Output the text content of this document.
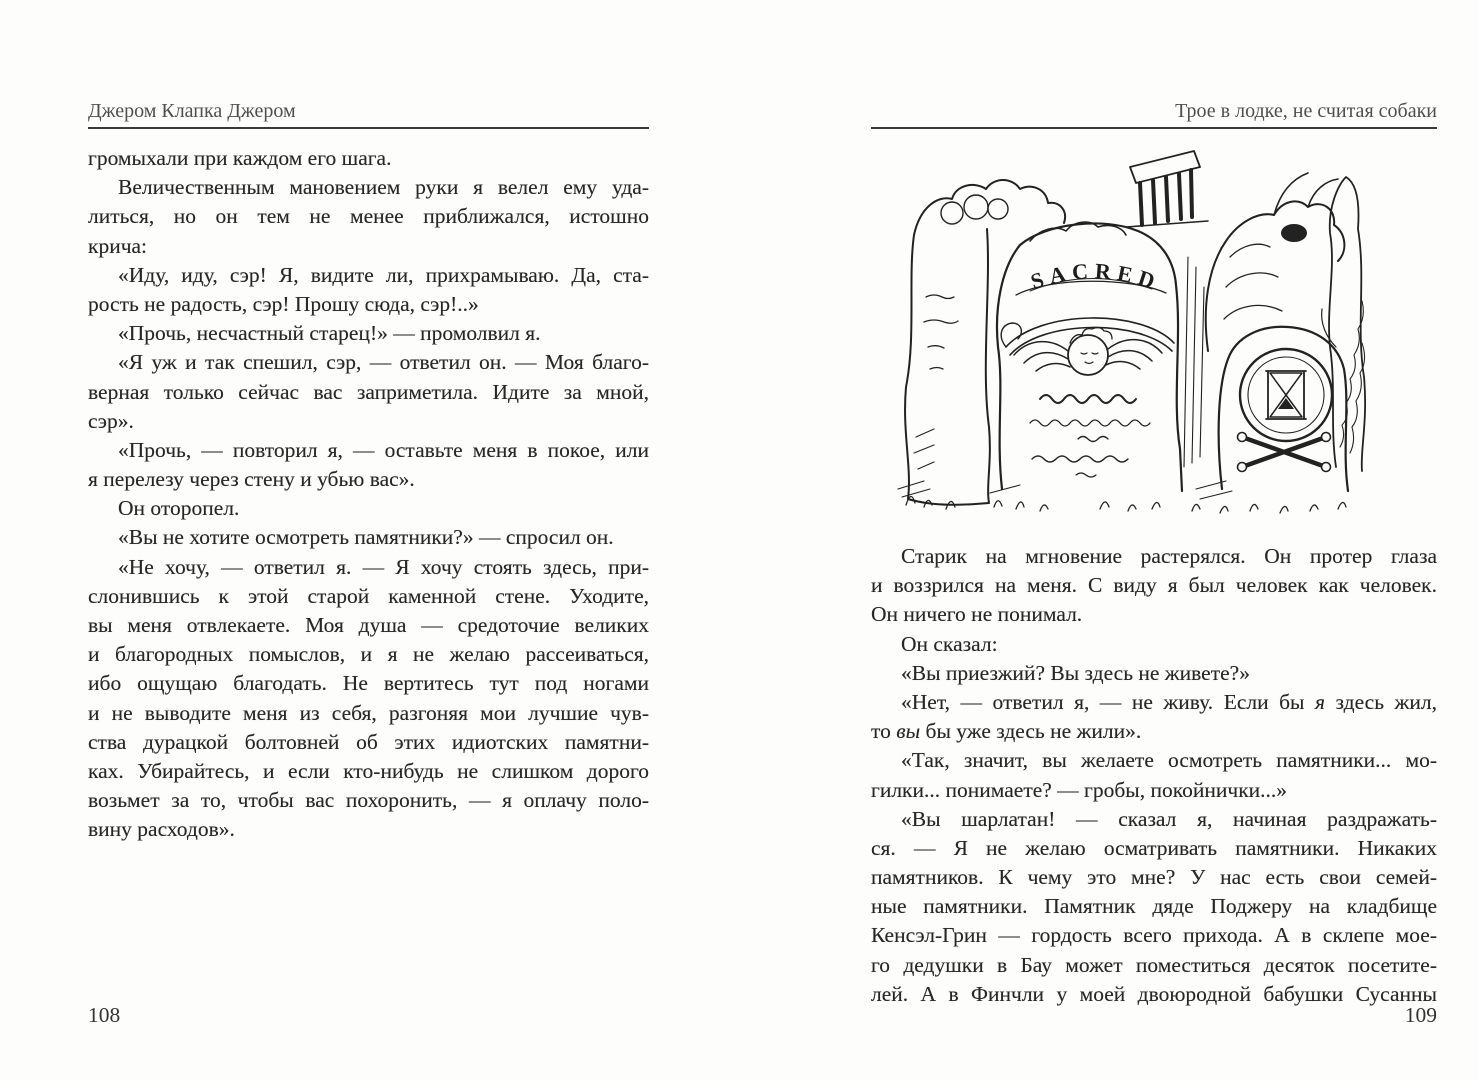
Джером Клапка Джером
громыхали при каждом его шага.
Величественным мановением руки я велел ему уда-
литься, но он тем не менее приближался, истошно
крича:
«Иду, иду, сэр! Я, видите ли, прихрамываю. Да, ста-
рость не радость, сэр! Прошу сюда, сэр!..»
«Прочь, несчастный старец!» — промолвил я.
«Я уж и так спешил, сэр, — ответил он. — Моя благо-
верная только сейчас вас заприметила. Идите за мной,
сэр».
«Прочь, — повторил я, — оставьте меня в покое, или
я перелезу через стену и убью вас».
Он оторопел.
«Вы не хотите осмотреть памятники?» — спросил он.
«Не хочу, — ответил я. — Я хочу стоять здесь, при-
слонившись к этой старой каменной стене. Уходите,
вы меня отвлекаете. Моя душа — средоточие великих
и благородных помыслов, и я не желаю рассеиваться,
ибо ощущаю благодать. Не вертитесь тут под ногами
и не выводите меня из себя, разгоняя мои лучшие чув-
ства дурацкой болтовней об этих идиотских памятни-
ках. Убирайтесь, и если кто-нибудь не слишком дорого
возьмет за то, чтобы вас похоронить, — я оплачу поло-
вину расходов».
108
Трое в лодке, не считая собаки
SACRED
Старик на мгновение растерялся. Он протер глаза
и воззрился на меня. С виду я был человек как человек.
Он ничего не понимал.
Он сказал:
«Вы приезжий? Вы здесь не живете?»
«Нет, — ответил я, — не живу. Если бы я здесь жил,
то вы бы уже здесь не жили».
«Так, значит, вы желаете осмотреть памятники... мо-
гилки... понимаете? — гробы, покойнички...»
«Вы шарлатан! — сказал я, начиная раздражать-
ся. — Я не желаю осматривать памятники. Никаких
памятников. К чему это мне? У нас есть свои семей-
ные памятники. Памятник дяде Поджеру на кладбище
Кенсэл-Грин — гордость всего прихода. А в склепе мое-
го дедушки в Бау может поместиться десяток посетите-
лей. А в Финчли у моей двоюродной бабушки Сусанны
109
